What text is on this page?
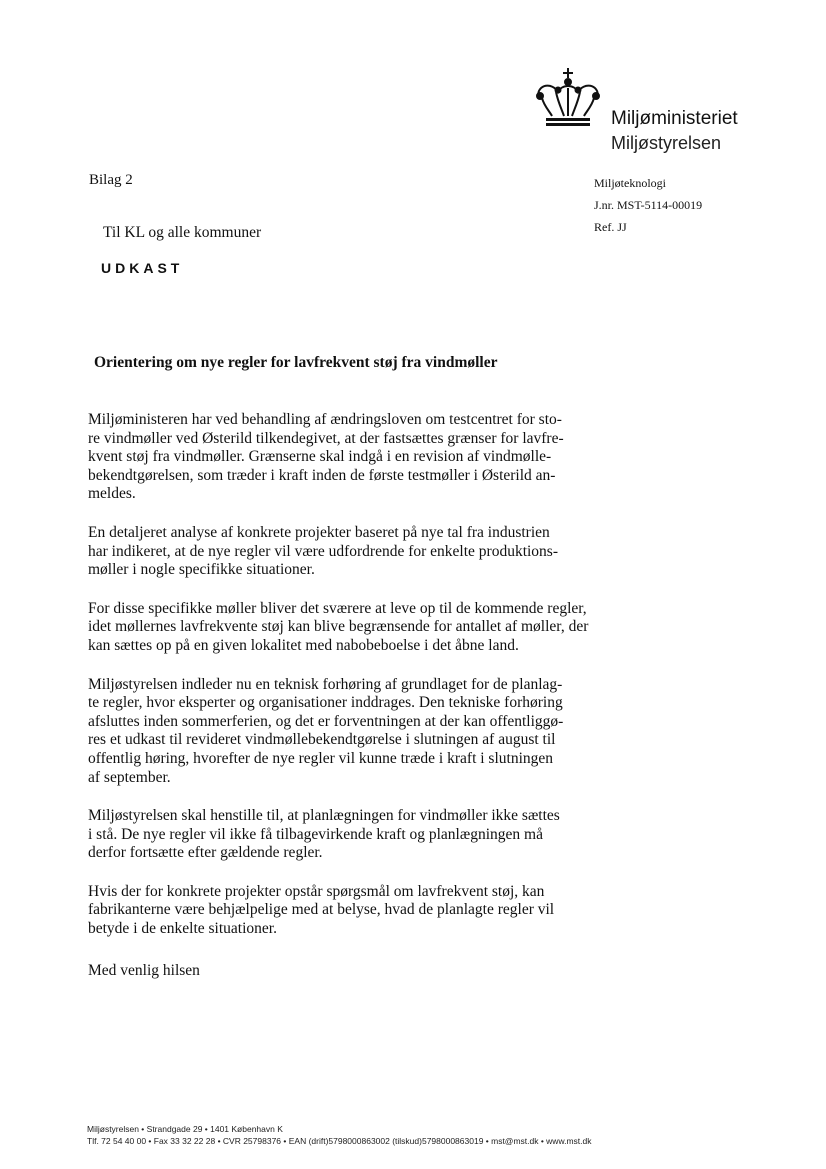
Miljøministeriet
Miljøstyrelsen
Bilag 2	Miljøteknologi
J.nr. MST-5114-00019
Ref. JJ
Til KL og alle kommuner
UDKAST
Orientering om nye regler for lavfrekvent støj fra vindmøller

Miljøministeren har ved behandling af ændringsloven om testcentret for sto-
re vindmøller ved Østerild tilkendegivet, at der fastsættes grænser for lavfre-
kvent støj fra vindmøller. Grænserne skal indgå i en revision af vindmølle-
bekendtgørelsen, som træder i kraft inden de første testmøller i Østerild an-
meldes.

En detaljeret analyse af konkrete projekter baseret på nye tal fra industrien
har indikeret, at de nye regler vil være udfordrende for enkelte produktions-
møller i nogle specifikke situationer.

For disse specifikke møller bliver det sværere at leve op til de kommende regler,
idet møllernes lavfrekvente støj kan blive begrænsende for antallet af møller, der
kan sættes op på en given lokalitet med nabobeboelse i det åbne land.

Miljøstyrelsen indleder nu en teknisk forhøring af grundlaget for de planlag-
te regler, hvor eksperter og organisationer inddrages. Den tekniske forhøring
afsluttes inden sommerferien, og det er forventningen at der kan offentliggø-
res et udkast til revideret vindmøllebekendtgørelse i slutningen af august til
offentlig høring, hvorefter de nye regler vil kunne træde i kraft i slutningen
af september.

Miljøstyrelsen skal henstille til, at planlægningen for vindmøller ikke sættes
i stå. De nye regler vil ikke få tilbagevirkende kraft og planlægningen må
derfor fortsætte efter gældende regler.

Hvis der for konkrete projekter opstår spørgsmål om lavfrekvent støj, kan
fabrikanterne være behjælpelige med at belyse, hvad de planlagte regler vil
betyde i de enkelte situationer.

Med venlig hilsen
Miljøstyrelsen • Strandgade 29 • 1401 København K
Tlf. 72 54 40 00 • Fax 33 32 22 28 • CVR 25798376 • EAN (drift)5798000863002 (tilskud)5798000863019 • mst@mst.dk • www.mst.dk
